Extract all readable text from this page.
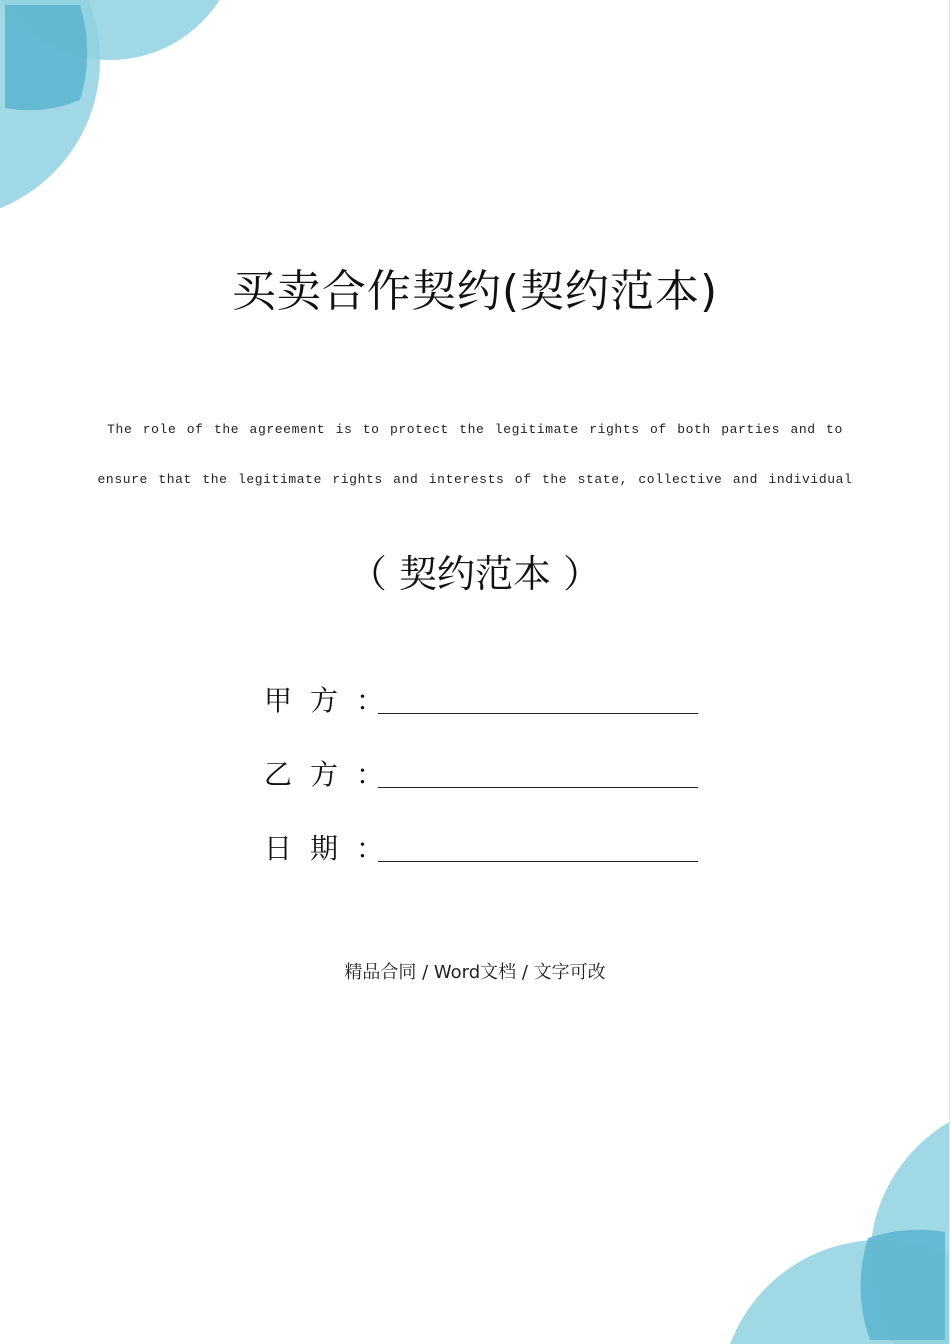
买卖合作契约(契约范本)
The role of the agreement is to protect the legitimate rights of both parties and to
ensure that the legitimate rights and interests of the state, collective and individual
（ 契约范本 ）
甲 方 ：
乙 方 ：
日 期 ：
精品合同 / Word文档 / 文字可改
